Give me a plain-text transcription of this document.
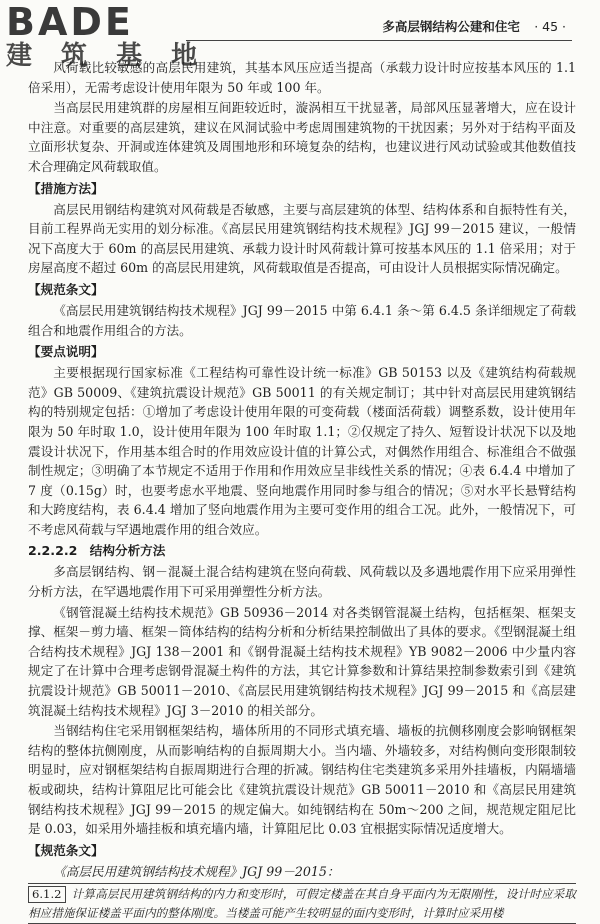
BADE
建 筑 基 地
多高层钢结构公建和住宅 · 45 ·

风荷载比较敏感的高层民用建筑，其基本风压应适当提高（承载力设计时应按基本风压的 1.1 倍采用），无需考虑设计使用年限为 50 年或 100 年。

当高层民用建筑群的房屋相互间距较近时，漩涡相互干扰显著，局部风压显著增大，应在设计中注意。对重要的高层建筑，建议在风洞试验中考虑周围建筑物的干扰因素；另外对于结构平面及立面形状复杂、开洞或连体建筑及周围地形和环境复杂的结构，也建议进行风动试验或其他数值技术合理确定风荷载取值。

【措施方法】

高层民用钢结构建筑对风荷载是否敏感，主要与高层建筑的体型、结构体系和自振特性有关，目前工程界尚无实用的划分标准。《高层民用建筑钢结构技术规程》JGJ 99－2015 建议，一般情况下高度大于 60m 的高层民用建筑、承载力设计时风荷载计算可按基本风压的 1.1 倍采用；对于房屋高度不超过 60m 的高层民用建筑，风荷载取值是否提高，可由设计人员根据实际情况确定。

【规范条文】

《高层民用建筑钢结构技术规程》JGJ 99－2015 中第 6.4.1 条～第 6.4.5 条详细规定了荷载组合和地震作用组合的方法。

【要点说明】

主要根据现行国家标准《工程结构可靠性设计统一标准》GB 50153 以及《建筑结构荷载规范》GB 50009、《建筑抗震设计规范》GB 50011 的有关规定制订；其中针对高层民用建筑钢结构的特别规定包括：①增加了考虑设计使用年限的可变荷载（楼面活荷载）调整系数，设计使用年限为 50 年时取 1.0，设计使用年限为 100 年时取 1.1；②仅规定了持久、短暂设计状况下以及地震设计状况下，作用基本组合时的作用效应设计值的计算公式，对偶然作用组合、标准组合不做强制性规定；③明确了本节规定不适用于作用和作用效应呈非线性关系的情况；④表 6.4.4 中增加了 7 度（0.15g）时，也要考虑水平地震、竖向地震作用同时参与组合的情况；⑤对水平长悬臂结构和大跨度结构，表 6.4.4 增加了竖向地震作用为主要可变作用的组合工况。此外，一般情况下，可不考虑风荷载与罕遇地震作用的组合效应。

2.2.2.2 结构分析方法

多高层钢结构、钢－混凝土混合结构建筑在竖向荷载、风荷载以及多遇地震作用下应采用弹性分析方法，在罕遇地震作用下可采用弹塑性分析方法。

《钢管混凝土结构技术规范》GB 50936－2014 对各类钢管混凝土结构，包括框架、框架支撑、框架－剪力墙、框架－筒体结构的结构分析和分析结果控制做出了具体的要求。《型钢混凝土组合结构技术规程》JGJ 138－2001 和《钢骨混凝土结构技术规程》YB 9082－2006 中少量内容规定了在计算中合理考虑钢骨混凝土构件的方法，其它计算参数和计算结果控制参数索引到《建筑抗震设计规范》GB 50011－2010、《高层民用建筑钢结构技术规程》JGJ 99－2015 和《高层建筑混凝土结构技术规程》JGJ 3－2010 的相关部分。

当钢结构住宅采用钢框架结构，墙体所用的不同形式填充墙、墙板的抗侧移刚度会影响钢框架结构的整体抗侧刚度，从而影响结构的自振周期大小。当内墙、外墙较多，对结构侧向变形限制较明显时，应对钢框架结构自振周期进行合理的折减。钢结构住宅类建筑多采用外挂墙板，内隔墙墙板或砌块，结构计算阻尼比可能会比《建筑抗震设计规范》GB 50011－2010 和《高层民用建筑钢结构技术规程》JGJ 99－2015 的规定偏大。如纯钢结构在 50m～200 之间，规范规定阻尼比是 0.03，如采用外墙挂板和填充墙内墙，计算阻尼比 0.03 宜根据实际情况适度增大。

【规范条文】

《高层民用建筑钢结构技术规程》JGJ 99－2015：

6.1.2 计算高层民用建筑钢结构的内力和变形时，可假定楼盖在其自身平面内为无限刚性，设计时应采取相应措施保证楼盖平面内的整体刚度。当楼盖可能产生较明显的面内变形时，计算时应采用楼
